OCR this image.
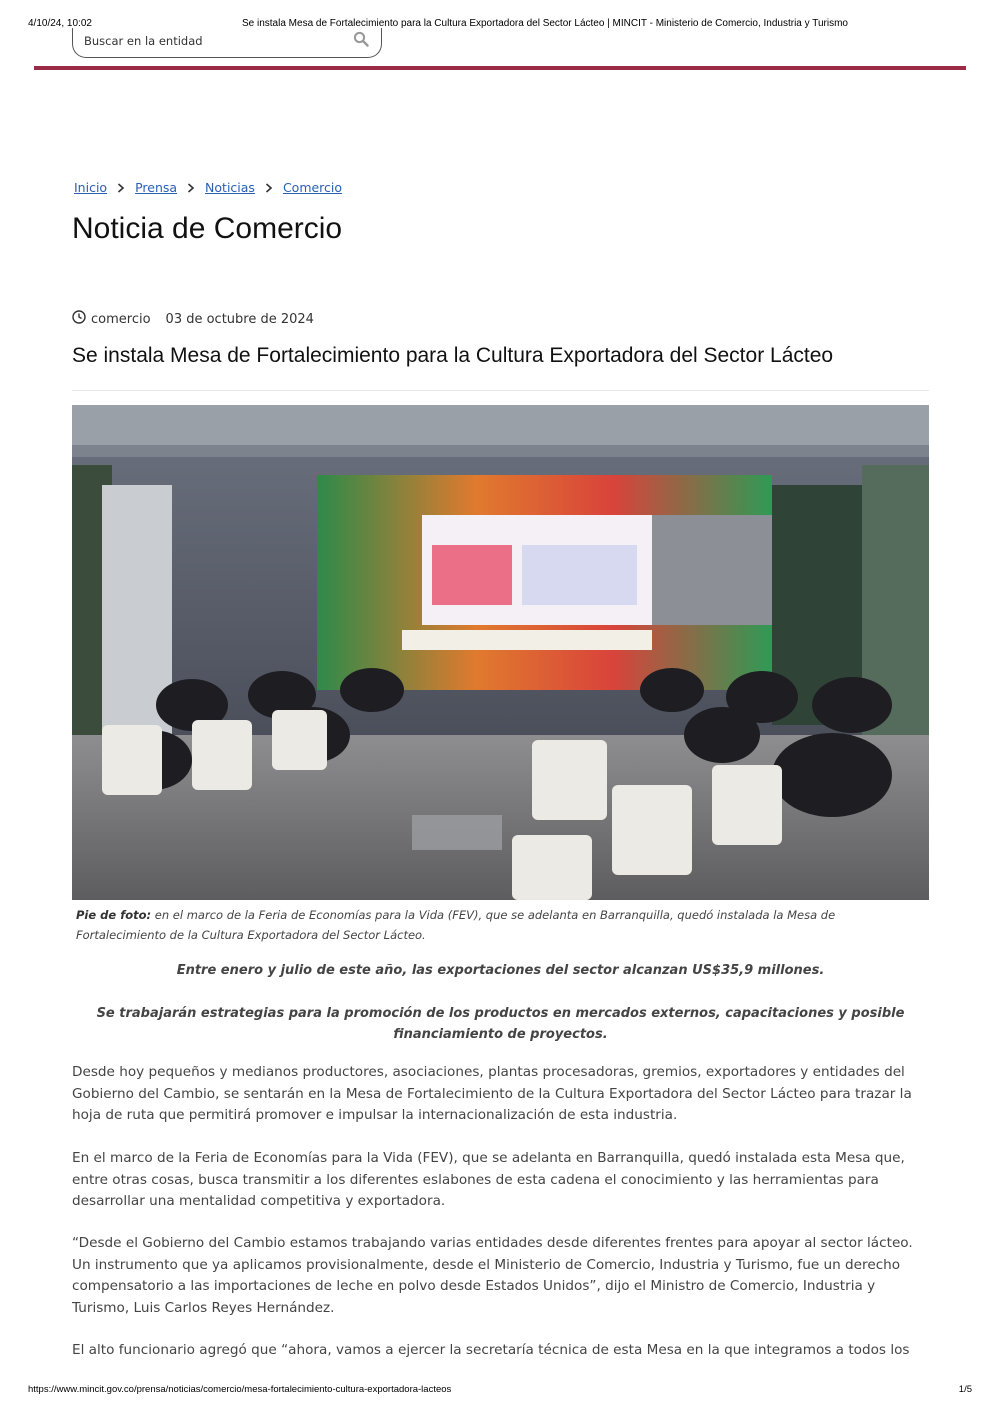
4/10/24, 10:02	Se instala Mesa de Fortalecimiento para la Cultura Exportadora del Sector Lácteo | MINCIT - Ministerio de Comercio, Industria y Turismo
Buscar en la entidad
Inicio Prensa Noticias Comercio
Noticia de Comercio
comercio 03 de octubre de 2024
Se instala Mesa de Fortalecimiento para la Cultura Exportadora del Sector Lácteo
Pie de foto: en el marco de la Feria de Economías para la Vida (FEV), que se adelanta en Barranquilla, quedó instalada la Mesa de Fortalecimiento de la Cultura Exportadora del Sector Lácteo.
Entre enero y julio de este año, las exportaciones del sector alcanzan US$35,9 millones.
Se trabajarán estrategias para la promoción de los productos en mercados externos, capacitaciones y posible financiamiento de proyectos.

Desde hoy pequeños y medianos productores, asociaciones, plantas procesadoras, gremios, exportadores y entidades del Gobierno del Cambio, se sentarán en la Mesa de Fortalecimiento de la Cultura Exportadora del Sector Lácteo para trazar la hoja de ruta que permitirá promover e impulsar la internacionalización de esta industria.

En el marco de la Feria de Economías para la Vida (FEV), que se adelanta en Barranquilla, quedó instalada esta Mesa que, entre otras cosas, busca transmitir a los diferentes eslabones de esta cadena el conocimiento y las herramientas para desarrollar una mentalidad competitiva y exportadora.

“Desde el Gobierno del Cambio estamos trabajando varias entidades desde diferentes frentes para apoyar al sector lácteo. Un instrumento que ya aplicamos provisionalmente, desde el Ministerio de Comercio, Industria y Turismo, fue un derecho compensatorio a las importaciones de leche en polvo desde Estados Unidos”, dijo el Ministro de Comercio, Industria y Turismo, Luis Carlos Reyes Hernández.

El alto funcionario agregó que “ahora, vamos a ejercer la secretaría técnica de esta Mesa en la que integramos a todos los

https://www.mincit.gov.co/prensa/noticias/comercio/mesa-fortalecimiento-cultura-exportadora-lacteos	1/5
